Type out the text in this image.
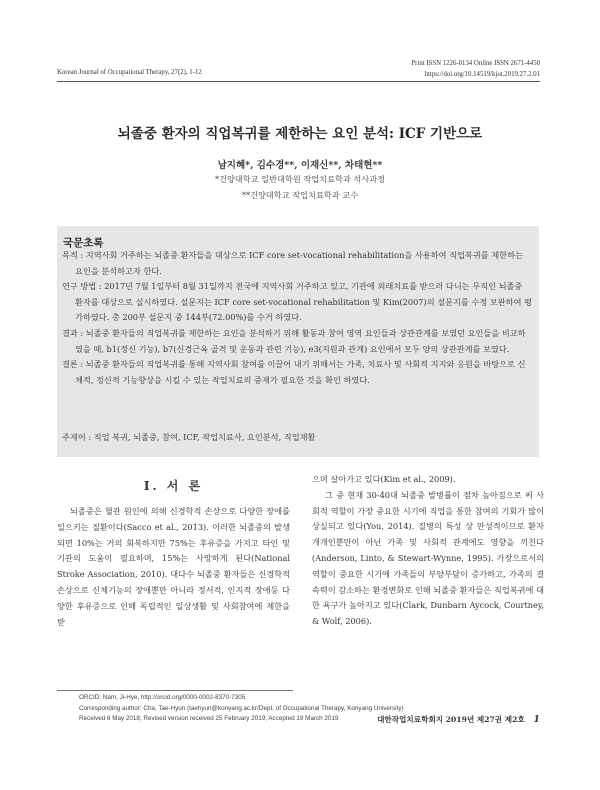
Korean Journal of Occupational Therapy, 27(2), 1-12
Print ISSN 1226-0134 Online ISSN 2671-4450
https://doi.org/10.14519/kjot.2019.27.2.01
뇌졸중 환자의 직업복귀를 제한하는 요인 분석: ICF 기반으로
남지혜*, 김수경**, 이재신**, 차태현**
*건양대학교 일반대학원 작업치료학과 석사과정
**건양대학교 작업치료학과 교수
국문초록
목적 : 지역사회 거주하는 뇌졸중 환자들을 대상으로 ICF core set-vocational rehabilitation을 사용하여 직업복귀를 제한하는 요인을 분석하고자 한다.
연구 방법 : 2017년 7월 1일부터 8월 31일까지 전국에 지역사회 거주하고 있고, 기관에 외래치료를 받으러 다니는 무직인 뇌졸중 환자를 대상으로 실시하였다. 설문지는 ICF core set-vocational rehabilitation 및 Kim(2007)의 설문지를 수정 보완하여 평가하였다. 총 200부 설문지 중 144부(72.00%)를 수거 하였다.
결과 : 뇌졸중 환자들의 직업복귀를 제한하는 요인을 분석하기 위해 활동과 참여 영역 요인들과 상관관계를 보였던 요인들을 비교하였을 때, b1(정신 기능), b7(신경근육 골격 및 운동과 관련 기능), e3(지원과 관계) 요인에서 모두 양의 상관관계를 보였다.
결론 : 뇌졸중 환자들의 직업복귀를 통해 지역사회 참여를 이끌어 내기 위해서는 가족, 치료사 및 사회적 지지와 응원을 바탕으로 신체적, 정신적 기능향상을 시킬 수 있는 작업치료의 중재가 필요한 것을 확인 하였다.
주제어 : 직업 복귀, 뇌졸중, 참여, ICF, 작업치료사, 요인분석, 직업재활
Ⅰ. 서 론

뇌졸중은 혈관 원인에 의해 신경학적 손상으로 다양한 장애를 일으키는 질환이다(Sacco et al., 2013). 이러한 뇌졸중의 발생되면 10%는 거의 회복하지만 75%는 후유증을 가지고 타인 및 기관의 도움이 필요하며, 15%는 사망하게 된다(National Stroke Association, 2010). 대다수 뇌졸중 환자들은 신경학적 손상으로 신체기능의 장애뿐만 아니라 정서적, 인지적 장애등 다양한 후유증으로 인해 독립적인 일상생활 및 사회참여에 제한을 받

으며 살아가고 있다(Kim et al., 2009).

그 중 현재 30-40대 뇌졸중 발병률이 점차 높아짐으로 써 사회적 역할이 가장 중요한 시기에 직업을 통한 참여의 기회가 많이 상실되고 있다(You, 2014). 질병의 특성 상 만성적이므로 환자 개개인뿐만이 아닌 가족 및 사회적 관계에도 영향을 끼친다(Anderson, Linto, & Stewart-Wynne, 1995). 가장으로서의 역할이 중요한 시기에 가족들의 부양부담이 증가하고, 가족의 결속력이 감소하는 환경변화로 인해 뇌졸중 환자들은 직업복귀에 대한 욕구가 높아지고 있다(Clark, Dunbarn Aycock, Courtney, & Wolf, 2006).

ORCID: Nam, Ji-Hye, http://orcid.org/0000-0002-8370-7305
Corresponding author: Cha, Tae-Hyun (taehyun@konyang.ac.kr/Dept. of Occupational Therapy, Konyang University)
Received 6 May 2018; Revised version received 25 February 2019; Accepted 19 March 2019	대한작업치료학회지 2019년 제27권 제2호 1
